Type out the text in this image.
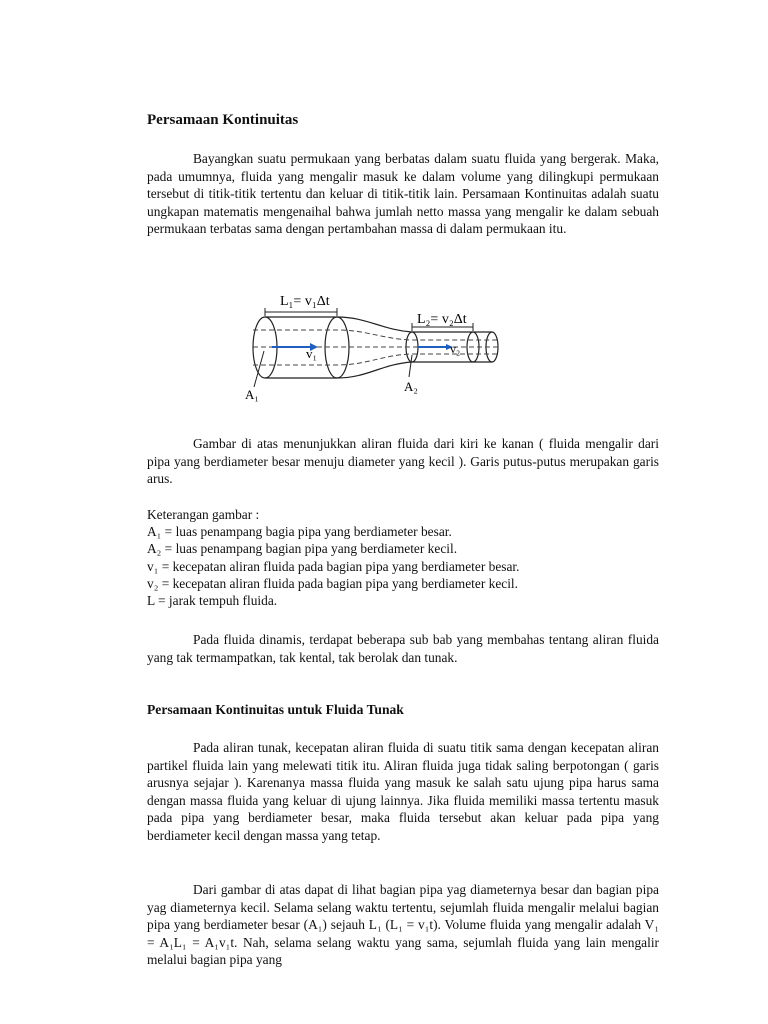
Persamaan Kontinuitas

Bayangkan suatu permukaan yang berbatas dalam suatu fluida yang bergerak. Maka, pada umumnya, fluida yang mengalir masuk ke dalam volume yang dilingkupi permukaan tersebut di titik-titik tertentu dan keluar di titik-titik lain. Persamaan Kontinuitas adalah suatu ungkapan matematis mengenaihal bahwa jumlah netto massa yang mengalir ke dalam sebuah permukaan terbatas sama dengan pertambahan massa di dalam permukaan itu.

L₁= v₁Δt
L₂= v₂Δt
v₁	v₂
A₁
A₂

Gambar di atas menunjukkan aliran fluida dari kiri ke kanan ( fluida mengalir dari pipa yang berdiameter besar menuju diameter yang kecil ). Garis putus-putus merupakan garis arus.

Keterangan gambar :
A₁ = luas penampang bagia pipa yang berdiameter besar.
A₂ = luas penampang bagian pipa yang berdiameter kecil.
v₁ = kecepatan aliran fluida pada bagian pipa yang berdiameter besar.
v₂ = kecepatan aliran fluida pada bagian pipa yang berdiameter kecil.
L = jarak tempuh fluida.

Pada fluida dinamis, terdapat beberapa sub bab yang membahas tentang aliran fluida yang tak termampatkan, tak kental, tak berolak dan tunak.

Persamaan Kontinuitas untuk Fluida Tunak

Pada aliran tunak, kecepatan aliran fluida di suatu titik sama dengan kecepatan aliran partikel fluida lain yang melewati titik itu. Aliran fluida juga tidak saling berpotongan ( garis arusnya sejajar ). Karenanya massa fluida yang masuk ke salah satu ujung pipa harus sama dengan massa fluida yang keluar di ujung lainnya. Jika fluida memiliki massa tertentu masuk pada pipa yang berdiameter besar, maka fluida tersebut akan keluar pada pipa yang berdiameter kecil dengan massa yang tetap.

Dari gambar di atas dapat di lihat bagian pipa yag diameternya besar dan bagian pipa yag diameternya kecil. Selama selang waktu tertentu, sejumlah fluida mengalir melalui bagian pipa yang berdiameter besar (A₁) sejauh L₁ (L₁ = v₁t). Volume fluida yang mengalir adalah V₁ = A₁L₁ = A₁v₁t. Nah, selama selang waktu yang sama, sejumlah fluida yang lain mengalir melalui bagian pipa yang
